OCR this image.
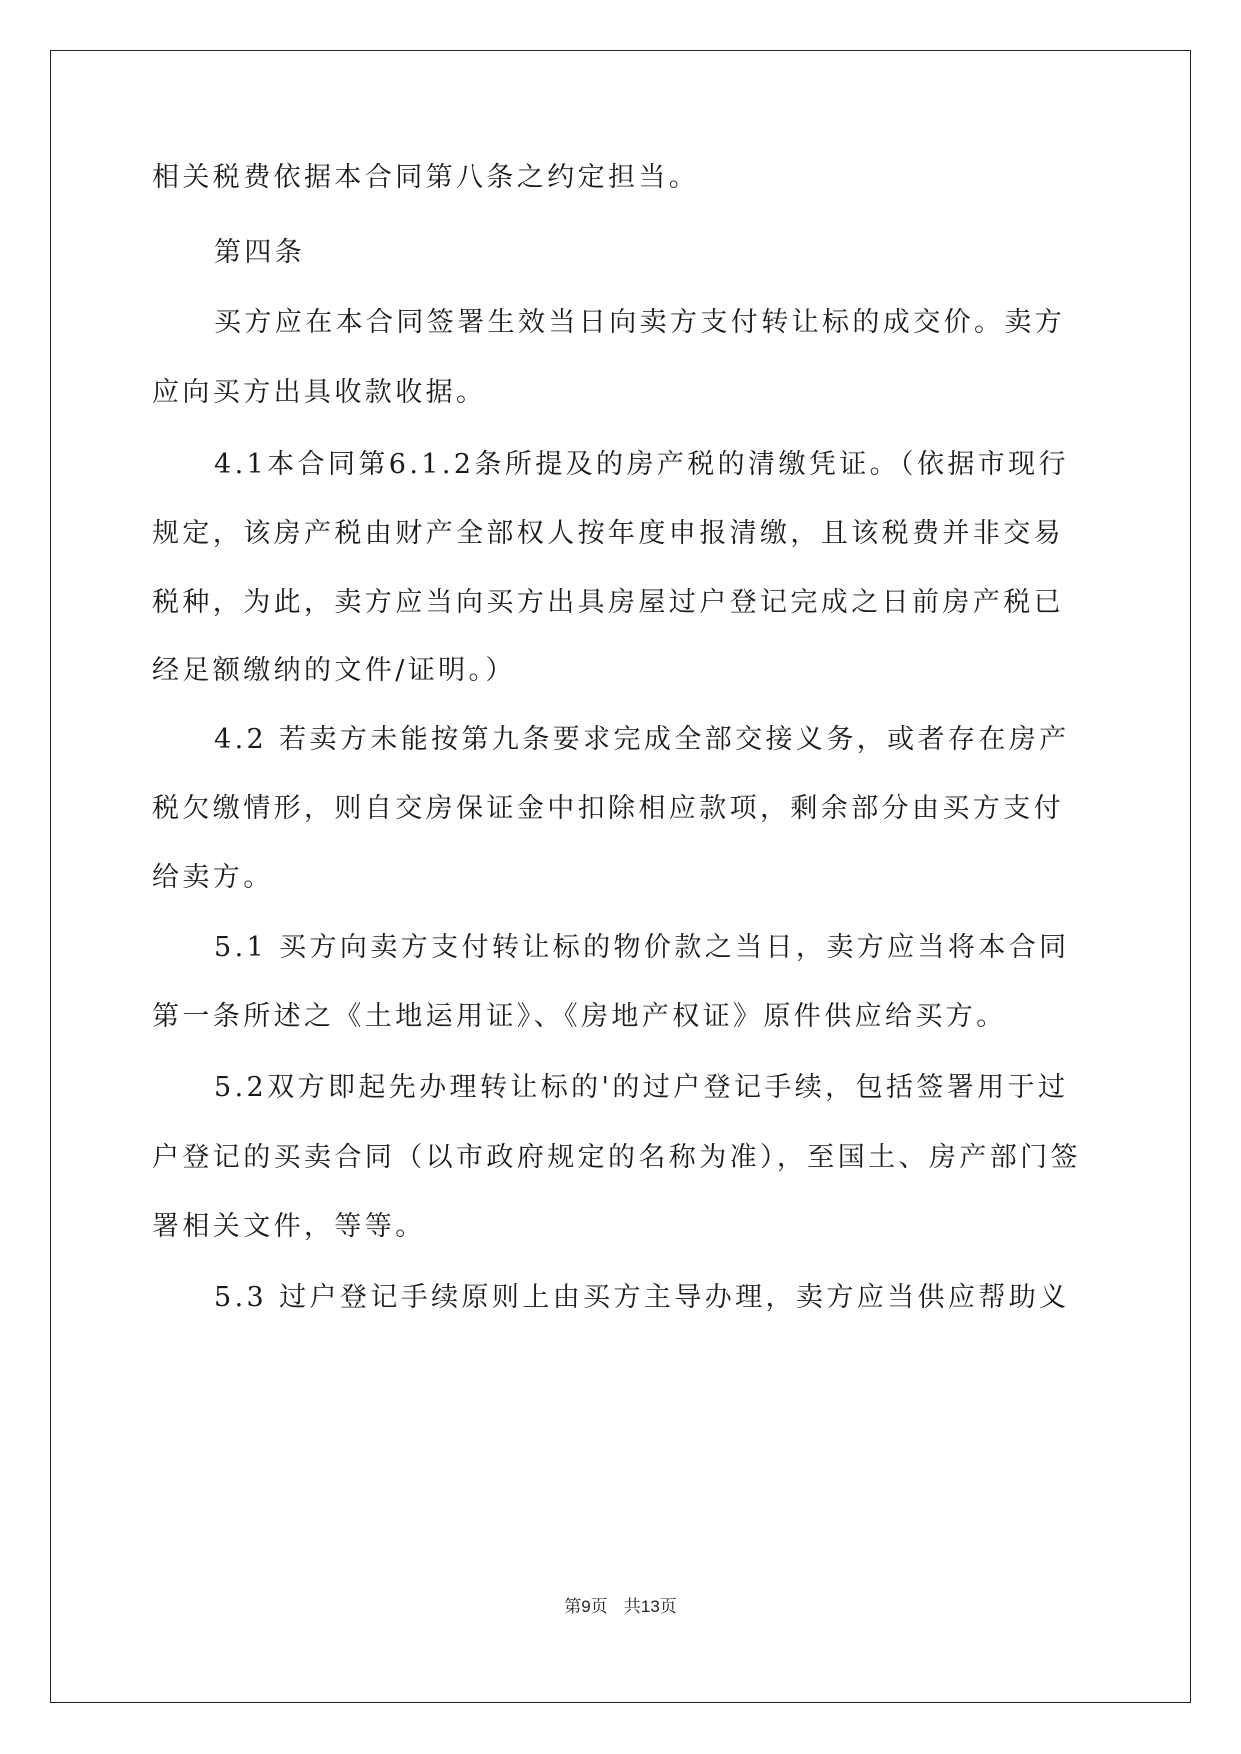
相关税费依据本合同第八条之约定担当。
第四条
买方应在本合同签署生效当日向卖方支付转让标的成交价。卖方
应向买方出具收款收据。
4.1本合同第6.1.2条所提及的房产税的清缴凭证。（依据市现行
规定，该房产税由财产全部权人按年度申报清缴，且该税费并非交易
税种，为此，卖方应当向买方出具房屋过户登记完成之日前房产税已
经足额缴纳的文件/证明。）
4.2 若卖方未能按第九条要求完成全部交接义务，或者存在房产
税欠缴情形，则自交房保证金中扣除相应款项，剩余部分由买方支付
给卖方。
5.1 买方向卖方支付转让标的物价款之当日，卖方应当将本合同
第一条所述之《土地运用证》、《房地产权证》原件供应给买方。
5.2双方即起先办理转让标的'的过户登记手续，包括签署用于过
户登记的买卖合同（以市政府规定的名称为准），至国土、房产部门签
署相关文件，等等。
5.3 过户登记手续原则上由买方主导办理，卖方应当供应帮助义
第9页 共13页
